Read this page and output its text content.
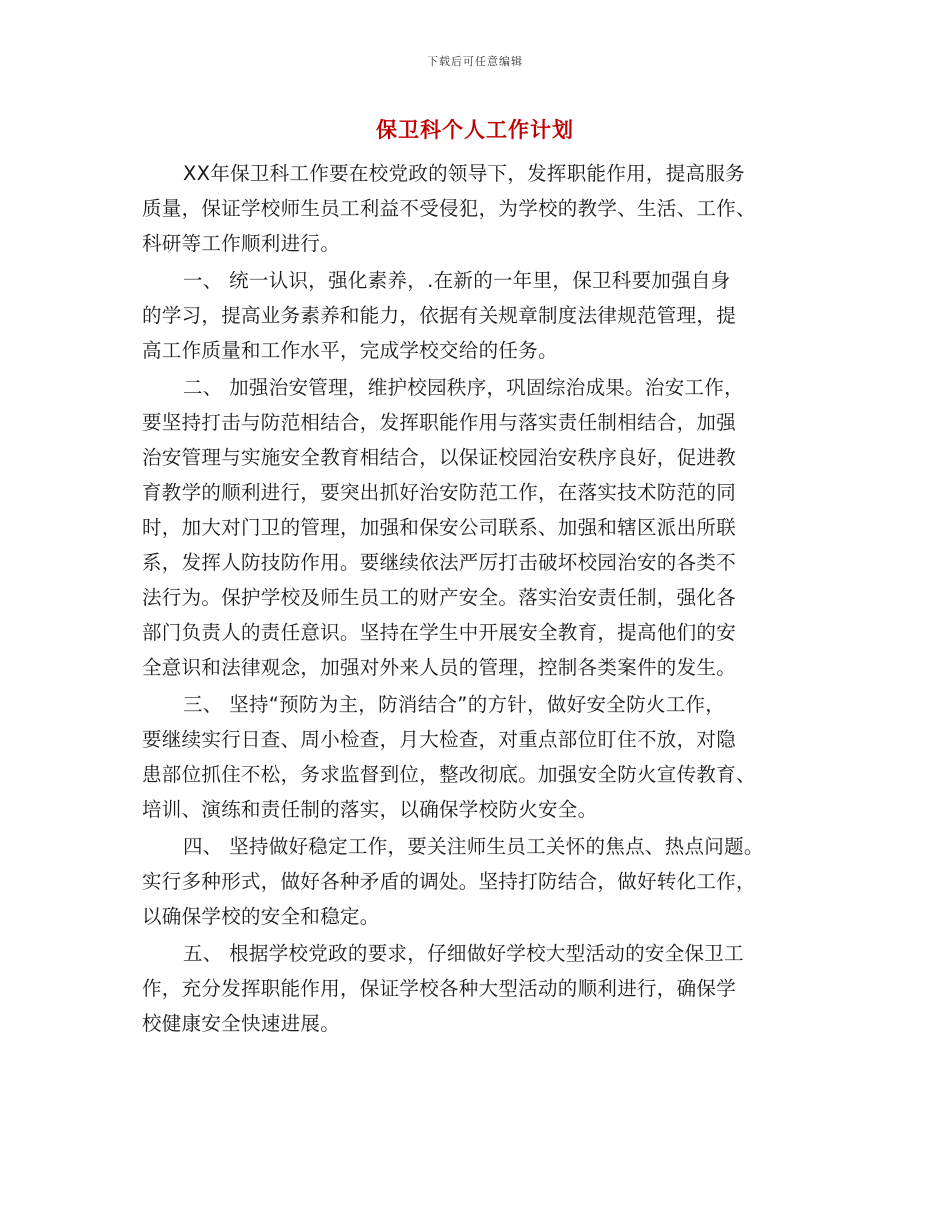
下载后可任意编辑
保卫科个人工作计划
XX年保卫科工作要在校党政的领导下，发挥职能作用，提高服务
质量，保证学校师生员工利益不受侵犯，为学校的教学、生活、工作、
科研等工作顺利进行。
一、 统一认识，强化素养，.在新的一年里，保卫科要加强自身
的学习，提高业务素养和能力，依据有关规章制度法律规范管理，提
高工作质量和工作水平，完成学校交给的任务。
二、 加强治安管理，维护校园秩序，巩固综治成果。治安工作，
要坚持打击与防范相结合，发挥职能作用与落实责任制相结合，加强
治安管理与实施安全教育相结合，以保证校园治安秩序良好，促进教
育教学的顺利进行，要突出抓好治安防范工作，在落实技术防范的同
时，加大对门卫的管理，加强和保安公司联系、加强和辖区派出所联
系，发挥人防技防作用。要继续依法严厉打击破坏校园治安的各类不
法行为。保护学校及师生员工的财产安全。落实治安责任制，强化各
部门负责人的责任意识。坚持在学生中开展安全教育，提高他们的安
全意识和法律观念，加强对外来人员的管理，控制各类案件的发生。
三、 坚持“预防为主，防消结合”的方针，做好安全防火工作，
要继续实行日查、周小检查，月大检查，对重点部位盯住不放，对隐
患部位抓住不松，务求监督到位，整改彻底。加强安全防火宣传教育、
培训、演练和责任制的落实，以确保学校防火安全。
四、 坚持做好稳定工作，要关注师生员工关怀的焦点、热点问题。
实行多种形式，做好各种矛盾的调处。坚持打防结合，做好转化工作，
以确保学校的安全和稳定。
五、 根据学校党政的要求，仔细做好学校大型活动的安全保卫工
作，充分发挥职能作用，保证学校各种大型活动的顺利进行，确保学
校健康安全快速进展。
